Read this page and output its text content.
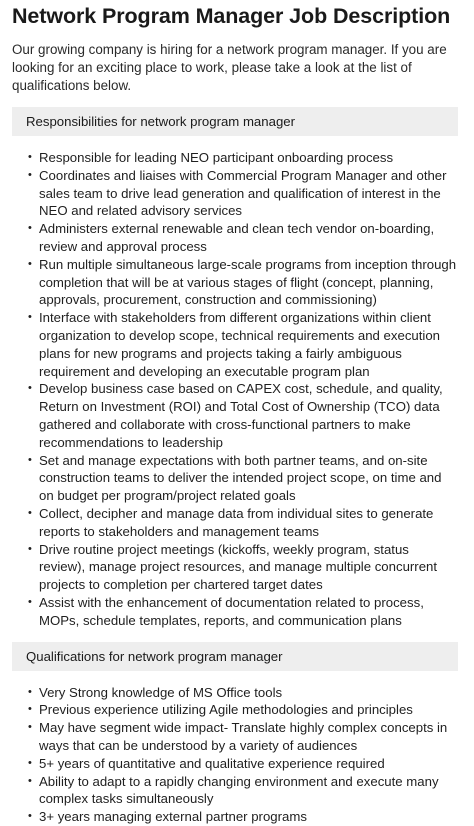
Network Program Manager Job Description

Our growing company is hiring for a network program manager. If you are looking for an exciting place to work, please take a look at the list of qualifications below.

Responsibilities for network program manager
• Responsible for leading NEO participant onboarding process
• Coordinates and liaises with Commercial Program Manager and other sales team to drive lead generation and qualification of interest in the NEO and related advisory services
• Administers external renewable and clean tech vendor on-boarding, review and approval process
• Run multiple simultaneous large-scale programs from inception through completion that will be at various stages of flight (concept, planning, approvals, procurement, construction and commissioning)
• Interface with stakeholders from different organizations within client organization to develop scope, technical requirements and execution plans for new programs and projects taking a fairly ambiguous requirement and developing an executable program plan
• Develop business case based on CAPEX cost, schedule, and quality, Return on Investment (ROI) and Total Cost of Ownership (TCO) data gathered and collaborate with cross-functional partners to make recommendations to leadership
• Set and manage expectations with both partner teams, and on-site construction teams to deliver the intended project scope, on time and on budget per program/project related goals
• Collect, decipher and manage data from individual sites to generate reports to stakeholders and management teams
• Drive routine project meetings (kickoffs, weekly program, status review), manage project resources, and manage multiple concurrent projects to completion per chartered target dates
• Assist with the enhancement of documentation related to process, MOPs, schedule templates, reports, and communication plans
Qualifications for network program manager
• Very Strong knowledge of MS Office tools
• Previous experience utilizing Agile methodologies and principles
• May have segment wide impact- Translate highly complex concepts in ways that can be understood by a variety of audiences
• 5+ years of quantitative and qualitative experience required
• Ability to adapt to a rapidly changing environment and execute many complex tasks simultaneously
• 3+ years managing external partner programs
